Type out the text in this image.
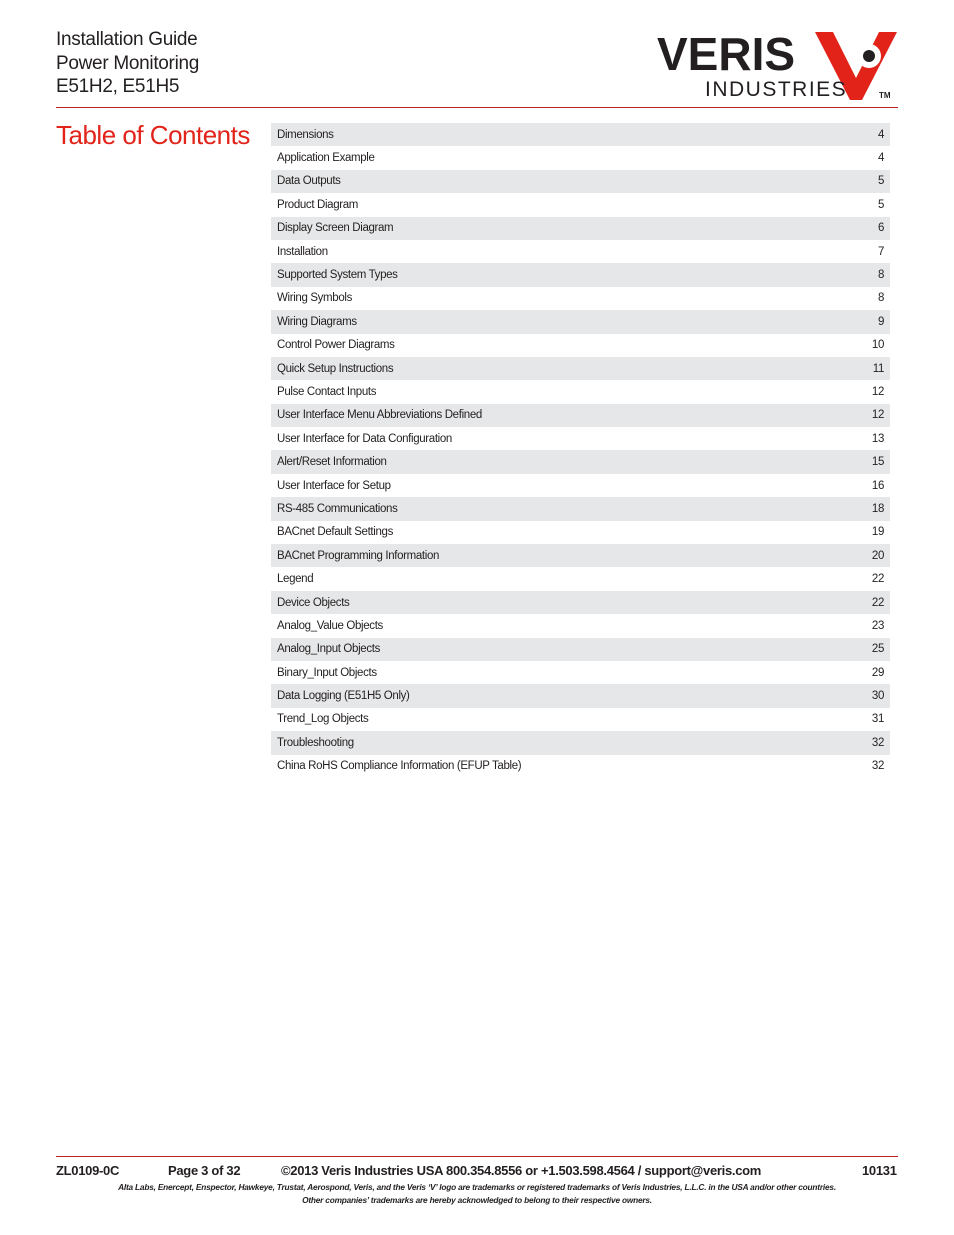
Installation Guide
Power Monitoring
E51H2, E51H5
VERIS
INDUSTRIES	TM
Table of Contents Dimensions	4
Application Example	4
Data Outputs	5
Product Diagram	5
Display Screen Diagram	6
Installation	7
Supported System Types	8
Wiring Symbols	8
Wiring Diagrams	9
Control Power Diagrams	10
Quick Setup Instructions	11
Pulse Contact Inputs	12
User Interface Menu Abbreviations Defined	12
User Interface for Data Configuration	13
Alert/Reset Information	15
User Interface for Setup	16
RS-485 Communications	18
BACnet Default Settings	19
BACnet Programming Information	20
Legend	22
Device Objects	22
Analog_Value Objects	23
Analog_Input Objects	25
Binary_Input Objects	29
Data Logging (E51H5 Only)	30
Trend_Log Objects	31
Troubleshooting	32
China RoHS Compliance Information (EFUP Table)	32
ZL0109-0C	Page 3 of 32	©2013 Veris Industries USA 800.354.8556 or +1.503.598.4564 / support@veris.com	10131
Alta Labs, Enercept, Enspector, Hawkeye, Trustat, Aerospond, Veris, and the Veris ‘V’ logo are trademarks or registered trademarks of Veris Industries, L.L.C. in the USA and/or other countries.
Other companies’ trademarks are hereby acknowledged to belong to their respective owners.
